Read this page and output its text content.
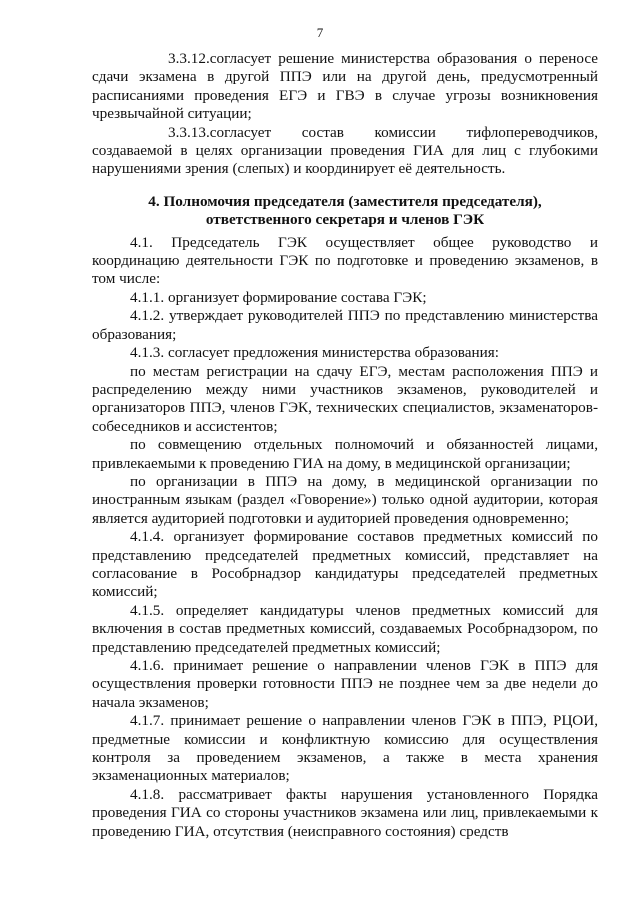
7

3.3.12.согласует решение министерства образования о переносе сдачи экзамена в другой ППЭ или на другой день, предусмотренный расписаниями проведения ЕГЭ и ГВЭ в случае угрозы возникновения чрезвычайной ситуации;

3.3.13.согласует состав комиссии тифлопереводчиков, создаваемой в целях организации проведения ГИА для лиц с глубокими нарушениями зрения (слепых) и координирует её деятельность.

4. Полномочия председателя (заместителя председателя),
ответственного секретаря и членов ГЭК

4.1. Председатель ГЭК осуществляет общее руководство и координацию деятельности ГЭК по подготовке и проведению экзаменов, в том числе:

4.1.1. организует формирование состава ГЭК;

4.1.2. утверждает руководителей ППЭ по представлению министерства образования;

4.1.3. согласует предложения министерства образования:

по местам регистрации на сдачу ЕГЭ, местам расположения ППЭ и распределению между ними участников экзаменов, руководителей и организаторов ППЭ, членов ГЭК, технических специалистов, экзаменаторов-собеседников и ассистентов;

по совмещению отдельных полномочий и обязанностей лицами, привлекаемыми к проведению ГИА на дому, в медицинской организации;

по организации в ППЭ на дому, в медицинской организации по иностранным языкам (раздел «Говорение») только одной аудитории, которая является аудиторией подготовки и аудиторией проведения одновременно;

4.1.4. организует формирование составов предметных комиссий по представлению председателей предметных комиссий, представляет на согласование в Рособрнадзор кандидатуры председателей предметных комиссий;

4.1.5. определяет кандидатуры членов предметных комиссий для включения в состав предметных комиссий, создаваемых Рособрнадзором, по представлению председателей предметных комиссий;

4.1.6. принимает решение о направлении членов ГЭК в ППЭ для осуществления проверки готовности ППЭ не позднее чем за две недели до начала экзаменов;

4.1.7. принимает решение о направлении членов ГЭК в ППЭ, РЦОИ, предметные комиссии и конфликтную комиссию для осуществления контроля за проведением экзаменов, а также в места хранения экзаменационных материалов;

4.1.8. рассматривает факты нарушения установленного Порядка проведения ГИА со стороны участников экзамена или лиц, привлекаемыми к проведению ГИА, отсутствия (неисправного состояния) средств
